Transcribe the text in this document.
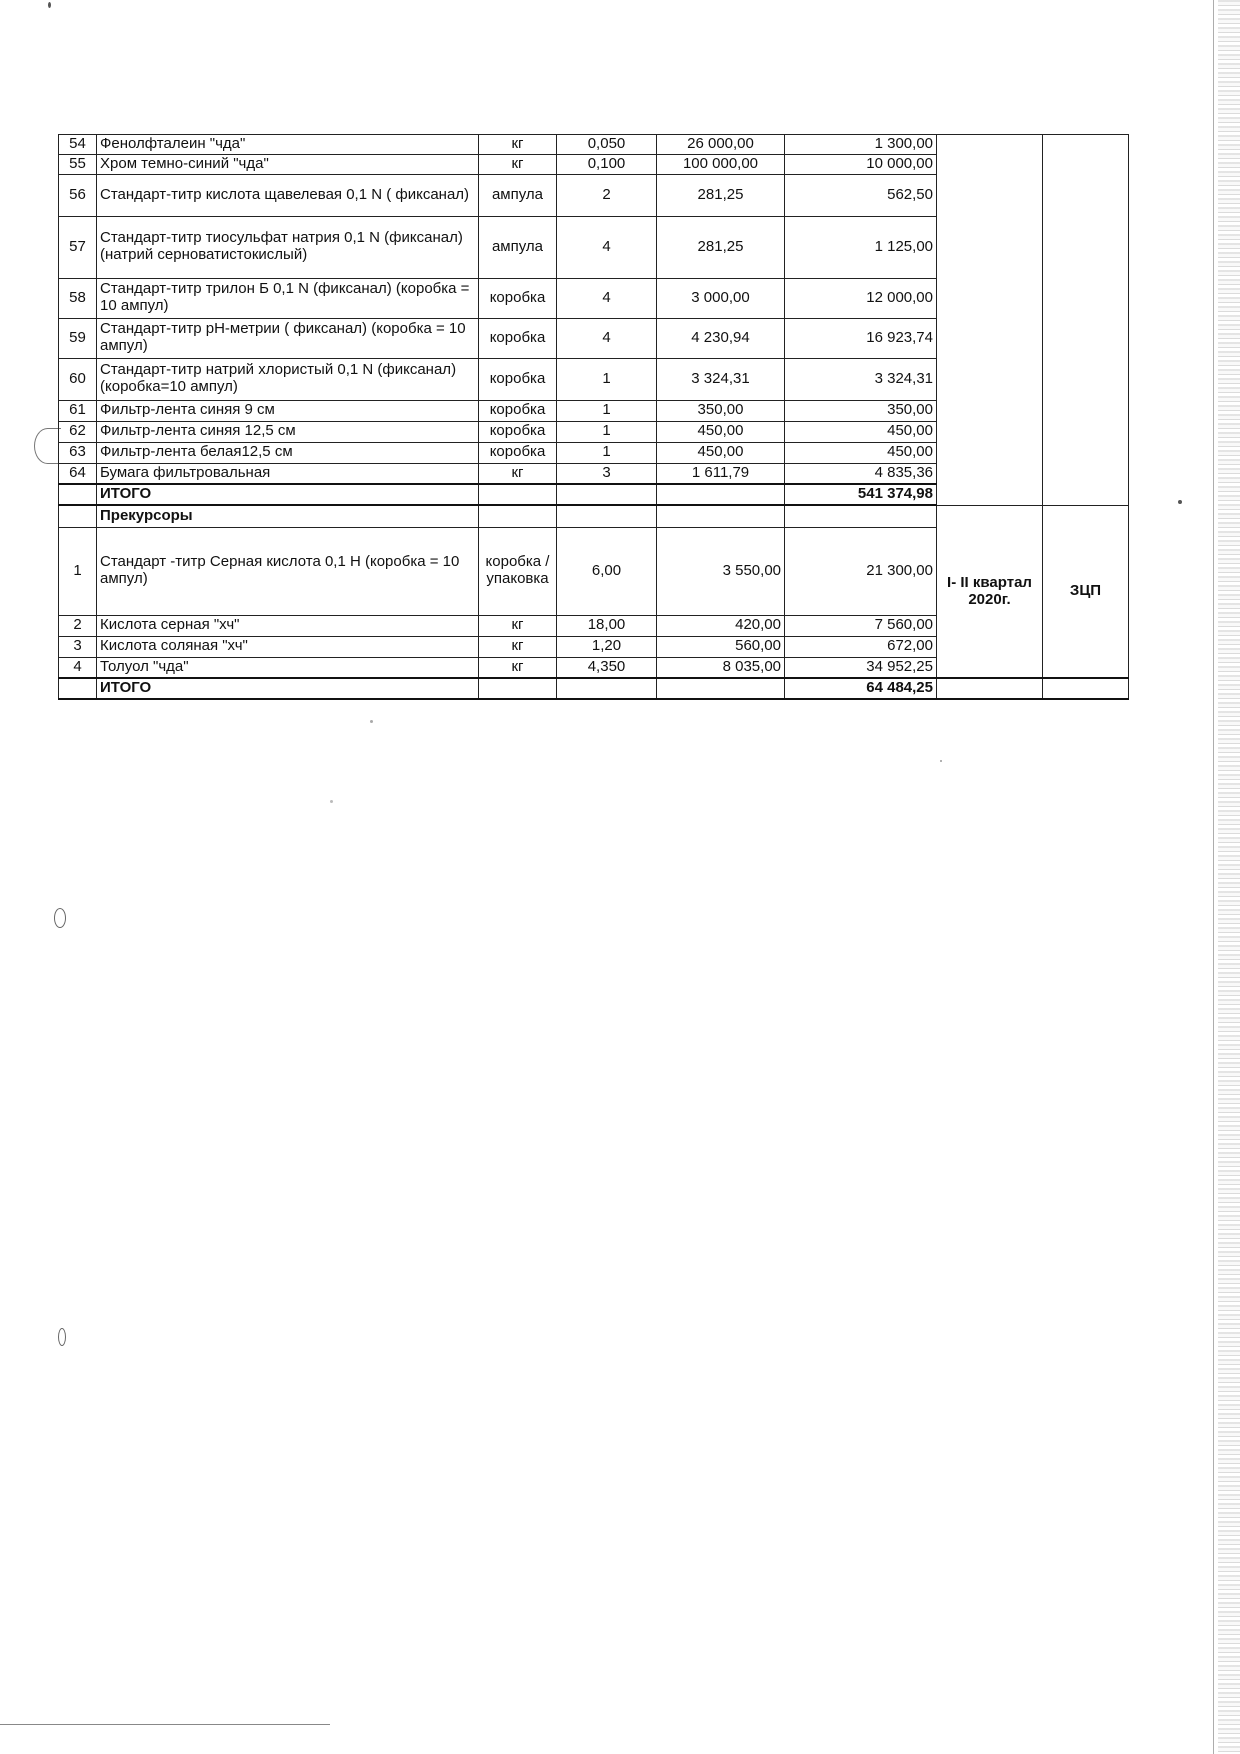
54	Фенолфталеин "чда"	кг	0,050	26 000,00	1 300,00		
55	Хром темно-синий "чда"	кг	0,100	100 000,00	10 000,00		
56	Стандарт-титр кислота щавелевая 0,1 N ( фиксанал)	ампула	2	281,25	562,50		
57	Стандарт-титр тиосульфат натрия 0,1 N (фиксанал) (натрий серноватистокислый)	ампула	4	281,25	1 125,00		
58	Стандарт-титр трилон Б 0,1 N (фиксанал) (коробка = 10 ампул)	коробка	4	3 000,00	12 000,00		
59	Стандарт-титр pH-метрии ( фиксанал) (коробка = 10 ампул)	коробка	4	4 230,94	16 923,74		
60	Стандарт-титр натрий хлористый 0,1 N (фиксанал) (коробка=10 ампул)	коробка	1	3 324,31	3 324,31		
61	Фильтр-лента синяя 9 см	коробка	1	350,00	350,00		
62	Фильтр-лента синяя 12,5 см	коробка	1	450,00	450,00		
63	Фильтр-лента белая12,5 см	коробка	1	450,00	450,00		
64	Бумага фильтровальная	кг	3	1 611,79	4 835,36		
	ИТОГО				541 374,98		
	Прекурсоры					I- II квартал 2020г.	ЗЦП
1	Стандарт -титр Серная кислота 0,1 Н (коробка = 10 ампул)	коробка /упаковка	6,00	3 550,00	21 300,00		
2	Кислота серная "хч"	кг	18,00	420,00	7 560,00		
3	Кислота соляная "хч"	кг	1,20	560,00	672,00		
4	Толуол "чда"	кг	4,350	8 035,00	34 952,25		
	ИТОГО				64 484,25		
